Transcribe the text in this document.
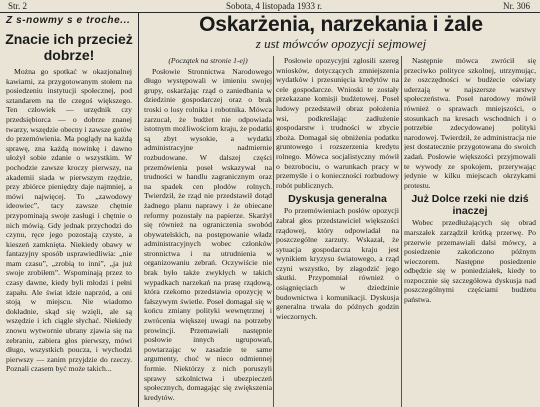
Str. 2	Sobota, 4 listopada 1933 r.	Nr. 306
Z s‑nowmy s e troche...
Znacie ich przecież dobrze!

Można go spotkać w okazjonalnej kawiarni, za przygotowanym stołem na posiedzeniu instytucji społecznej, pod sztandarem na tle czegoś większego. Ten człowiek — urzędnik czy przedsiębiorca — o dobrze znanej twarzy, wszędzie obecny i zawsze gotów do przemówienia. Ma poglądy na każdą sprawę, zna każdą nowinkę i dawno ułożył sobie zdanie o wszystkim. W pochodzie zawsze kroczy pierwszy, na akademii siada w pierwszym rzędzie, przy zbiórce pieniędzy daje najmniej, a mówi najwięcej. To „zawodowy ideowiec”, tacy zawsze chętnie przypominają swoje zasługi i chętnie o nich mówią. Gdy jednak przychodzi do czynu, ręce jego pozostają czyste, a kieszeń zamknięta. Niekiedy obawy w fantazyjny sposób usprawiedliwia: „nie mam czasu”, „zrobią to inni”, „ja już swoje zrobiłem”. Wspominają przez to czasy dawne, kiedy byli młodzi i pełni zapału. Ale świat idzie naprzód, a oni stoją w miejscu. Nie wiadomo dokładnie, skąd się wzięli, ale są wszędzie i ich ciągle słychać. Niekiedy znowu wytwornie ubrany zjawia się na zebraniu, zabiera głos pierwszy, mówi długo, wszystkich poucza, i wychodzi pierwszy — zanim przyjdzie do rzeczy. Poznali czasem być może takich...

Oskarżenia, narzekania i żale
z ust mówców opozycji sejmowej
(Początek na stronie 1-ej)

Posłowie Stronnictwa Narodowego długo występowali w imieniu swojej grupy, oskarżając rząd o zaniedbania w dziedzinie gospodarczej oraz o brak troski o losy rolnika i robotnika. Mówca zarzucał, że budżet nie odpowiada istotnym możliwościom kraju, że podatki są zbyt wysokie, a wydatki administracyjne nadmiernie rozbudowane. W dalszej części przemówienia poseł wskazywał na trudności w handlu zagranicznym oraz na spadek cen płodów rolnych. Twierdził, że rząd nie przedstawił dotąd żadnego planu naprawy i że obiecane reformy pozostały na papierze. Skarżył się również na ograniczenia swobód obywatelskich, na postępowanie władz administracyjnych wobec członków stronnictwa i na utrudnienia w organizowaniu zebrań. Oczywiście nie brak było także zwykłych w takich wypadkach narzekań na prasę rządową, która rzekomo przedstawia opozycję w fałszywym świetle. Poseł domagał się w końcu zmiany polityki wewnętrznej i zwrócenia większej uwagi na potrzeby prowincji. Przemawiali następnie posłowie innych ugrupowań, powtarzając w zasadzie te same argumenty, choć w nieco odmiennej formie. Niektórzy z nich poruszyli sprawy szkolnictwa i ubezpieczeń społecznych, domagając się zwiększenia kredytów.

Posłowie opozycyjni zgłosili szereg wniosków, dotyczących zmniejszenia wydatków i przesunięcia kredytów na cele gospodarcze. Wnioski te zostały przekazane komisji budżetowej. Poseł ludowy przedstawił obraz położenia wsi, podkreślając zadłużenie gospodarstw i trudności w zbycie zboża. Domagał się obniżenia podatku gruntowego i rozszerzenia kredytu rolnego. Mówca socjalistyczny mówił o bezrobociu, o warunkach pracy w przemyśle i o konieczności rozbudowy robót publicznych.

Dyskusja generalna

Po przemówieniach posłów opozycji zabrał głos przedstawiciel większości rządowej, który odpowiadał na poszczególne zarzuty. Wskazał, że sytuacja gospodarcza kraju jest wynikiem kryzysu światowego, a rząd czyni wszystko, by złagodzić jego skutki. Przypomniał również o osiągnięciach w dziedzinie budownictwa i komunikacji. Dyskusja generalna trwała do późnych godzin wieczornych.

Następnie mówca zwrócił się przeciwko polityce szkolnej, utrzymując, że oszczędności w budżecie oświaty uderzają w najszersze warstwy społeczeństwa. Poseł narodowy mówił również o sprawach mniejszości, o stosunkach na kresach wschodnich i o potrzebie zdecydowanej polityki narodowej. Twierdził, że administracja nie jest dostatecznie przygotowana do swoich zadań. Posłowie większości przyjmowali te wywody ze spokojem, przerywając jedynie w kilku miejscach okrzykami protestu.

Już Dolce rzeki nie dziś inaczej

Wobec przedłużających się obrad marszałek zarządził krótką przerwę. Po przerwie przemawiali dalsi mówcy, a posiedzenie zakończono późnym wieczorem. Następne posiedzenie odbędzie się w poniedziałek, kiedy to rozpocznie się szczegółowa dyskusja nad poszczególnymi częściami budżetu państwa.
